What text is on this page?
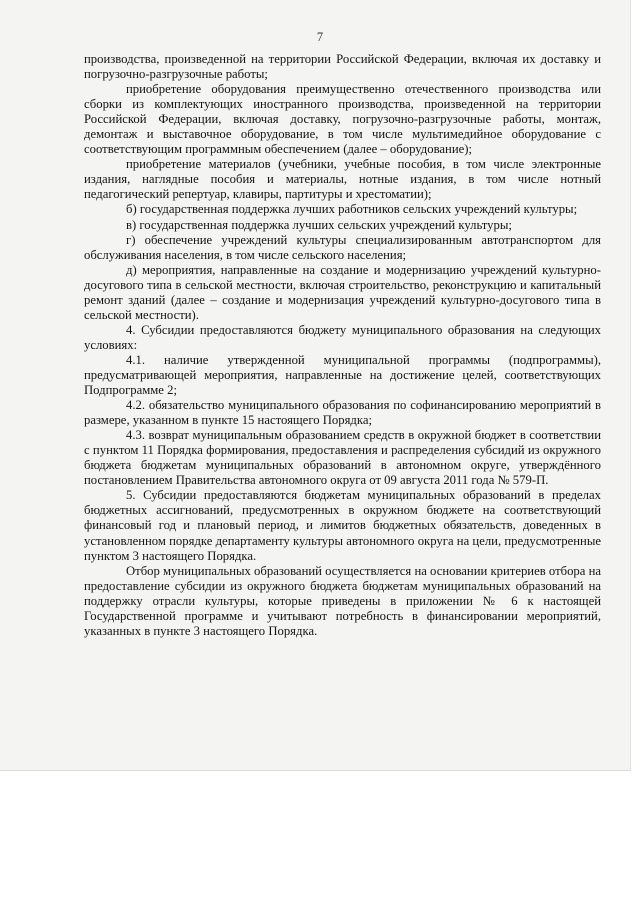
7

производства, произведенной на территории Российской Федерации, включая их доставку и погрузочно-разгрузочные работы;

приобретение оборудования преимущественно отечественного производства или сборки из комплектующих иностранного производства, произведенной на территории Российской Федерации, включая доставку, погрузочно-разгрузочные работы, монтаж, демонтаж и выставочное оборудование, в том числе мультимедийное оборудование с соответствующим программным обеспечением (далее – оборудование);

приобретение материалов (учебники, учебные пособия, в том числе электронные издания, наглядные пособия и материалы, нотные издания, в том числе нотный педагогический репертуар, клавиры, партитуры и хрестоматии);

б) государственная поддержка лучших работников сельских учреждений культуры;

в) государственная поддержка лучших сельских учреждений культуры;

г) обеспечение учреждений культуры специализированным автотранспортом для обслуживания населения, в том числе сельского населения;

д) мероприятия, направленные на создание и модернизацию учреждений культурно-досугового типа в сельской местности, включая строительство, реконструкцию и капитальный ремонт зданий (далее – создание и модернизация учреждений культурно-досугового типа в сельской местности).

4. Субсидии предоставляются бюджету муниципального образования на следующих условиях:

4.1. наличие утвержденной муниципальной программы (подпрограммы), предусматривающей мероприятия, направленные на достижение целей, соответствующих Подпрограмме 2;

4.2. обязательство муниципального образования по софинансированию мероприятий в размере, указанном в пункте 15 настоящего Порядка;

4.3. возврат муниципальным образованием средств в окружной бюджет в соответствии с пунктом 11 Порядка формирования, предоставления и распределения субсидий из окружного бюджета бюджетам муниципальных образований в автономном округе, утверждённого постановлением Правительства автономного округа от 09 августа 2011 года № 579-П.

5. Субсидии предоставляются бюджетам муниципальных образований в пределах бюджетных ассигнований, предусмотренных в окружном бюджете на соответствующий финансовый год и плановый период, и лимитов бюджетных обязательств, доведенных в установленном порядке департаменту культуры автономного округа на цели, предусмотренные пунктом 3 настоящего Порядка.

Отбор муниципальных образований осуществляется на основании критериев отбора на предоставление субсидии из окружного бюджета бюджетам муниципальных образований на поддержку отрасли культуры, которые приведены в приложении № 6 к настоящей Государственной программе и учитывают потребность в финансировании мероприятий, указанных в пункте 3 настоящего Порядка.
